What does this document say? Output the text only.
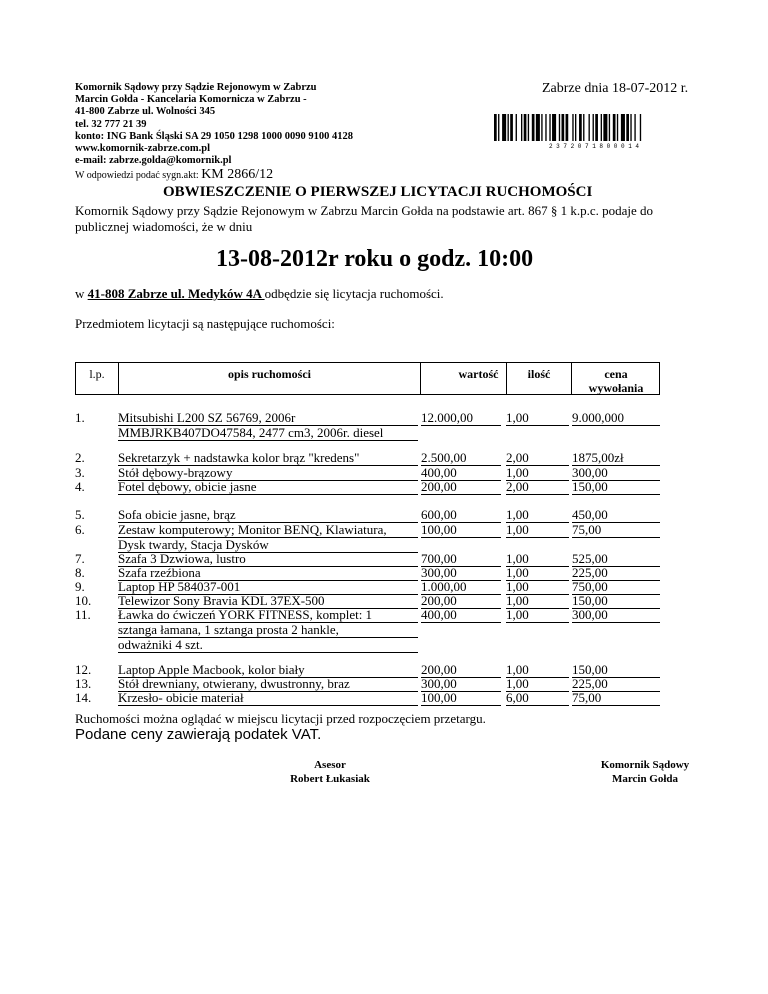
Komornik Sądowy przy Sądzie Rejonowym w Zabrzu
Marcin Gołda - Kancelaria Komornicza w Zabrzu -
41-800 Zabrze ul. Wolności 345
tel. 32 777 21 39
konto: ING Bank Śląski SA 29 1050 1298 1000 0090 9100 4128
www.komornik-zabrze.com.pl
e-mail: zabrze.golda@komornik.pl
W odpowiedzi podać sygn.akt: KM 2866/12
Zabrze dnia 18-07-2012 r.
2 3 7 2 0 7 1 8 0 0 0 1 4
OBWIESZCZENIE O PIERWSZEJ LICYTACJI RUCHOMOŚCI
Komornik Sądowy przy Sądzie Rejonowym w Zabrzu Marcin Gołda na podstawie art. 867 § 1 k.p.c. podaje do publicznej wiadomości, że w dniu
13-08-2012r roku o godz. 10:00
w 41-808 Zabrze ul. Medyków 4A odbędzie się licytacja ruchomości.
Przedmiotem licytacji są następujące ruchomości:
l.p.	opis ruchomości	wartość	ilość	cena
wywołania
1.	Mitsubishi L200 SZ 56769, 2006r
MMBJRKB407DO47584, 2477 cm3, 2006r. diesel
12.000,00	1,00	9.000,000
2.	Sekretarzyk + nadstawka kolor brąz "kredens"	2.500,00	2,00	1875,00zł
3.	Stół dębowy-brązowy	400,00	1,00	300,00
4.	Fotel dębowy, obicie jasne	200,00	2,00	150,00
5.	Sofa obicie jasne, brąz	600,00	1,00	450,00
6.	Zestaw komputerowy; Monitor BENQ, Klawiatura,
Dysk twardy, Stacja Dysków
100,00	1,00	75,00
7.	Szafa 3 Dzwiowa, lustro	700,00	1,00	525,00
8.	Szafa rzeźbiona	300,00	1,00	225,00
9.	Laptop HP 584037-001	1.000,00	1,00	750,00
10. Telewizor Sony Bravia KDL 37EX-500	200,00	1,00	150,00
11. Ławka do ćwiczeń YORK FITNESS, komplet: 1
sztanga łamana, 1 sztanga prosta 2 hankle,
odważniki 4 szt.
400,00	1,00	300,00
12. Laptop Apple Macbook, kolor biały	200,00	1,00	150,00
13. Stół drewniany, otwierany, dwustronny, braz	300,00	1,00	225,00
14. Krzesło- obicie materiał	100,00	6,00	75,00
Ruchomości można oglądać w miejscu licytacji przed rozpoczęciem przetargu.
Podane ceny zawierają podatek VAT.
Asesor
Robert Łukasiak
Komornik Sądowy
Marcin Gołda
